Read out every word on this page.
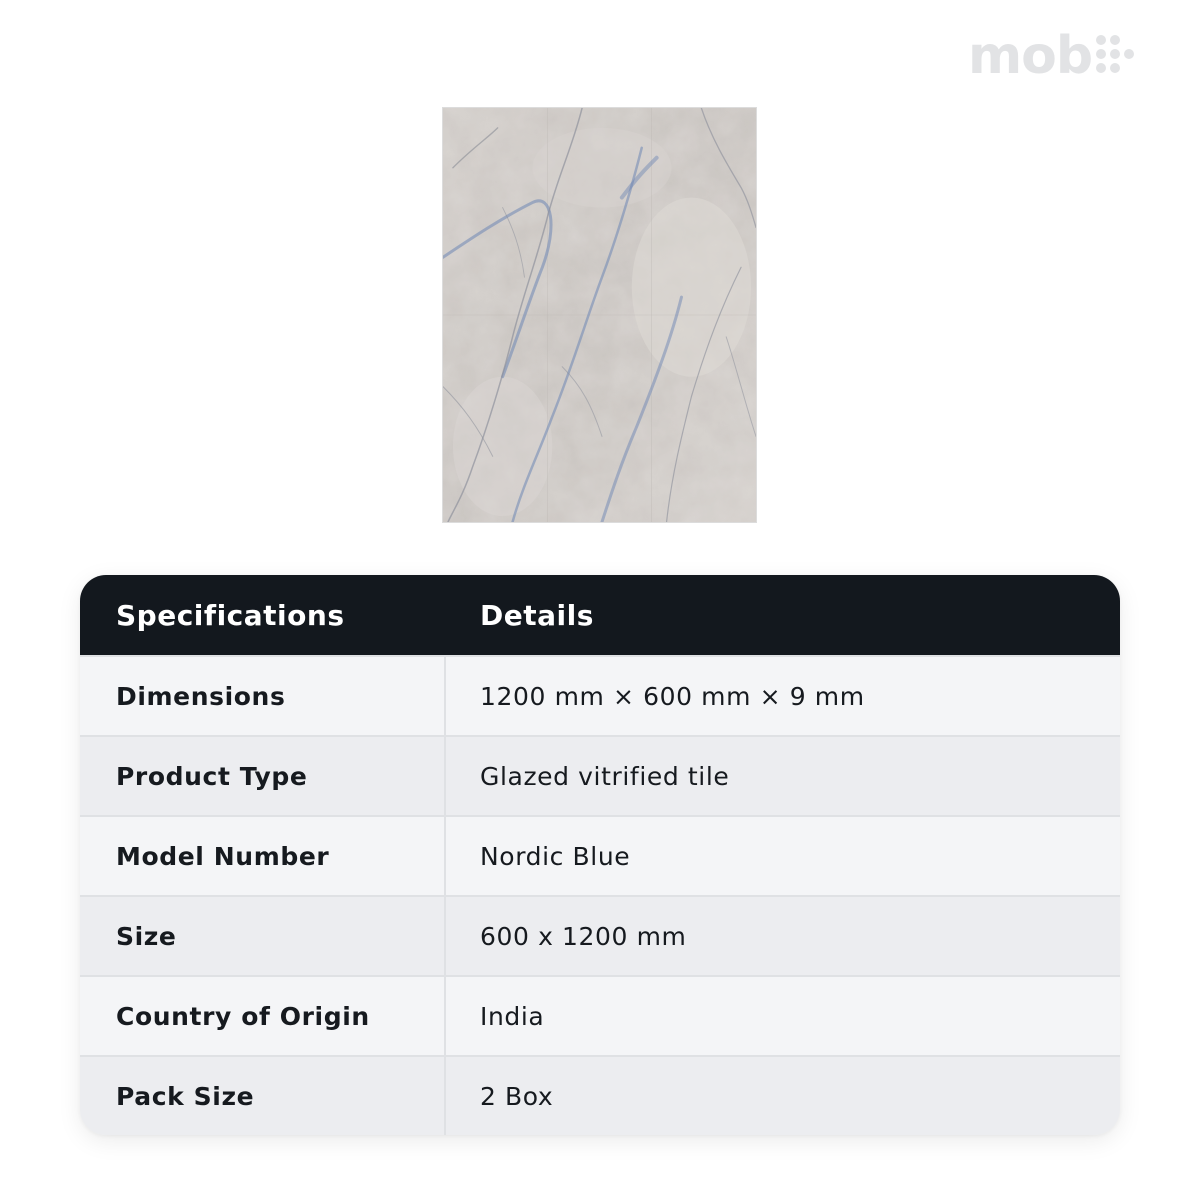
mob
Specifications	Details
Dimensions	1200 mm × 600 mm × 9 mm
Product Type	Glazed vitrified tile
Model Number	Nordic Blue
Size	600 x 1200 mm
Country of Origin	India
Pack Size	2 Box
